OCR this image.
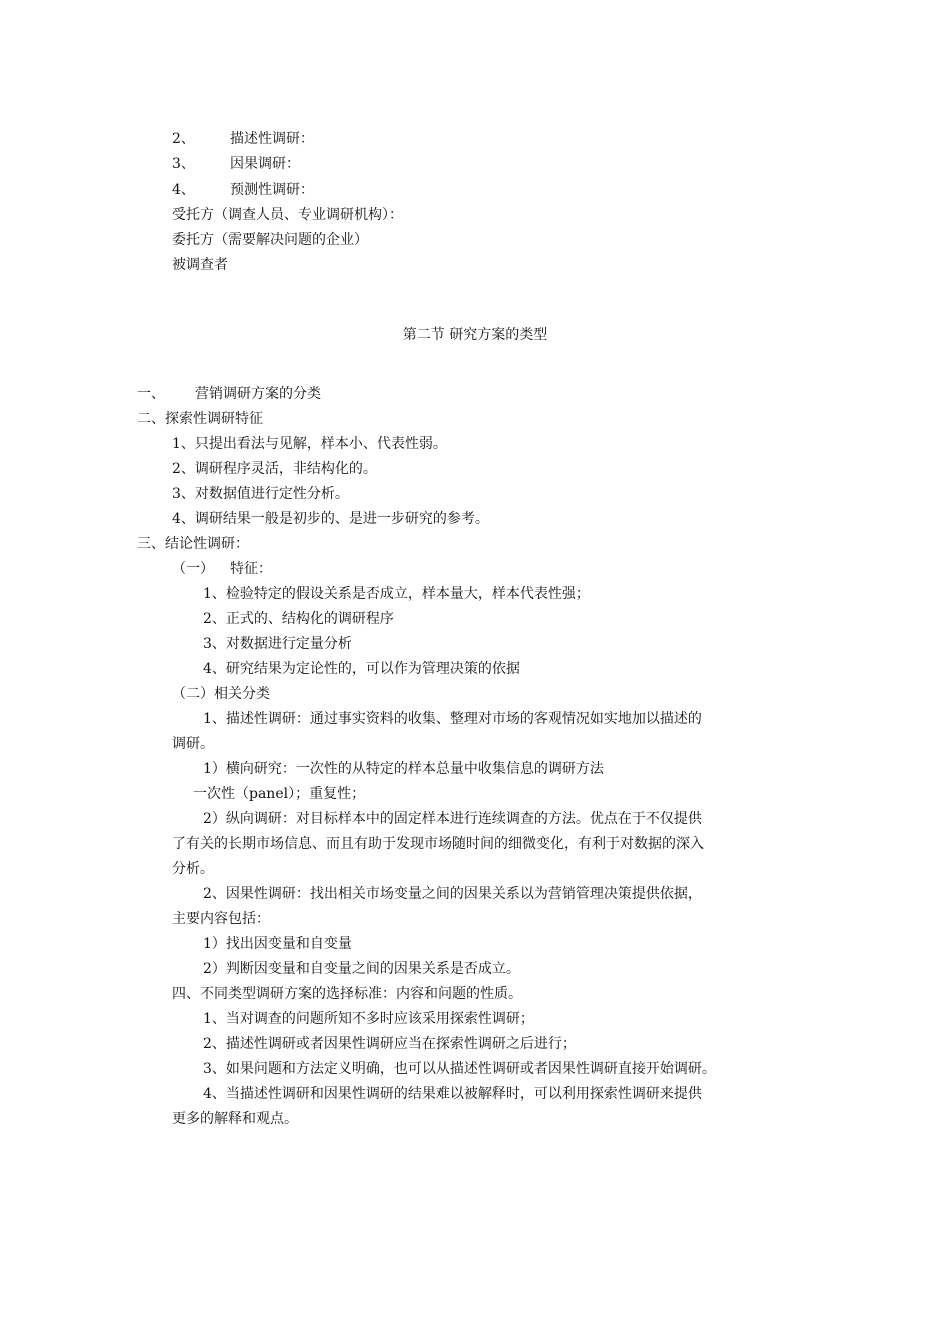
2、	描述性调研：
3、	因果调研：
4、	预测性调研：
受托方（调查人员、专业调研机构）：
委托方（需要解决问题的企业）
被调查者
第二节 研究方案的类型
一、 营销调研方案的分类
二、探索性调研特征
1、只提出看法与见解，样本小、代表性弱。
2、调研程序灵活，非结构化的。
3、对数据值进行定性分析。
4、调研结果一般是初步的、是进一步研究的参考。
三、结论性调研：
（一） 特征：
1、检验特定的假设关系是否成立，样本量大，样本代表性强；
2、正式的、结构化的调研程序
3、对数据进行定量分析
4、研究结果为定论性的，可以作为管理决策的依据
（二）相关分类
1、描述性调研：通过事实资料的收集、整理对市场的客观情况如实地加以描述的
调研。
1）横向研究：一次性的从特定的样本总量中收集信息的调研方法
一次性（panel）；重复性；
2）纵向调研：对目标样本中的固定样本进行连续调查的方法。优点在于不仅提供
了有关的长期市场信息、而且有助于发现市场随时间的细微变化，有利于对数据的深入
分析。
2、因果性调研：找出相关市场变量之间的因果关系以为营销管理决策提供依据，
主要内容包括：
1）找出因变量和自变量
2）判断因变量和自变量之间的因果关系是否成立。
四、不同类型调研方案的选择标准：内容和问题的性质。
1、当对调查的问题所知不多时应该采用探索性调研；
2、描述性调研或者因果性调研应当在探索性调研之后进行；
3、如果问题和方法定义明确，也可以从描述性调研或者因果性调研直接开始调研。
4、当描述性调研和因果性调研的结果难以被解释时，可以利用探索性调研来提供
更多的解释和观点。
